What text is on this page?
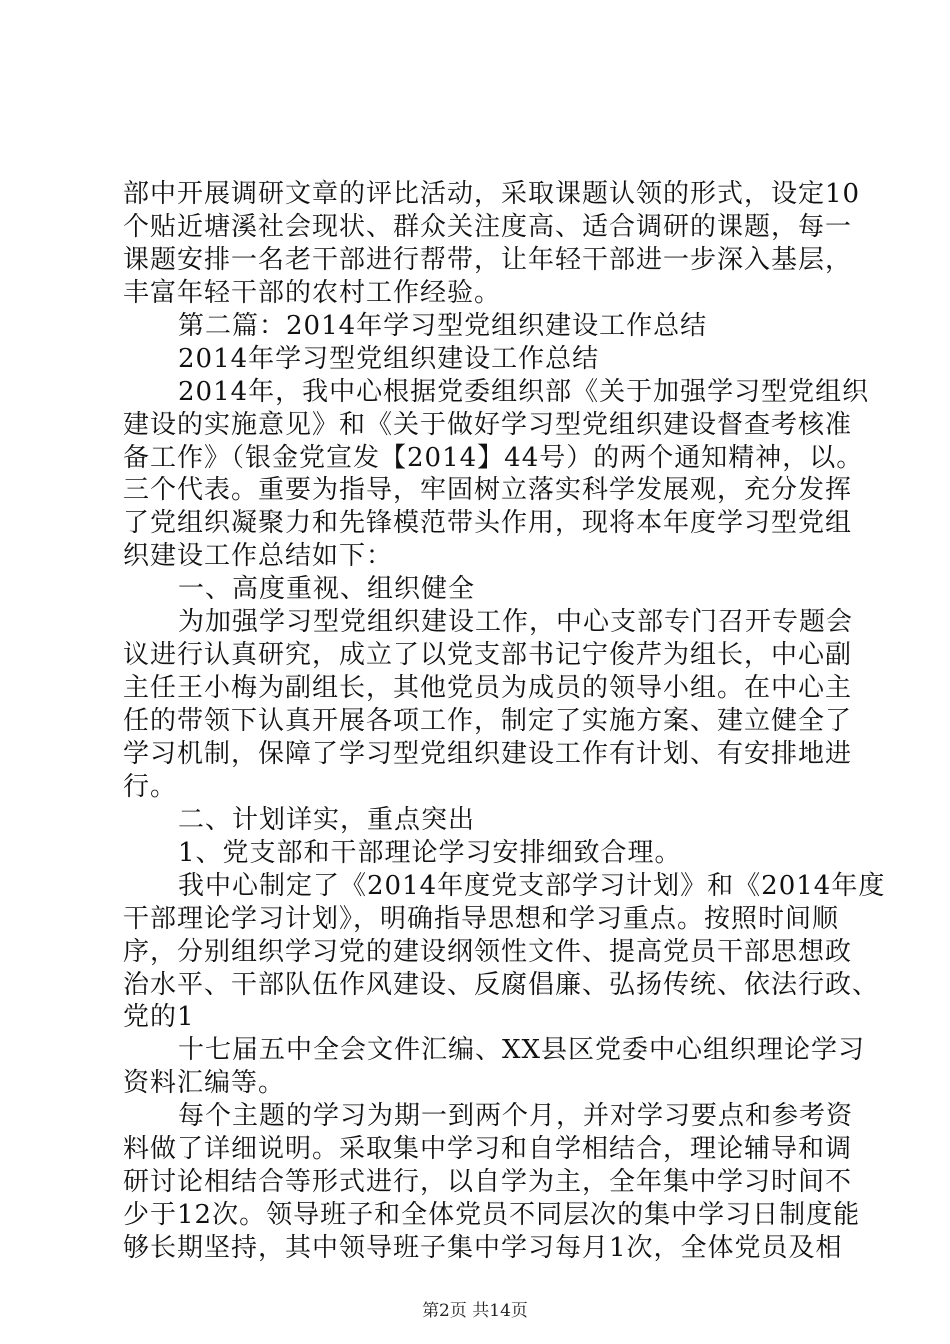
部中开展调研文章的评比活动，采取课题认领的形式，设定10
个贴近塘溪社会现状、群众关注度高、适合调研的课题，每一
课题安排一名老干部进行帮带，让年轻干部进一步深入基层，
丰富年轻干部的农村工作经验。
第二篇：2014年学习型党组织建设工作总结
2014年学习型党组织建设工作总结
2014年，我中心根据党委组织部《关于加强学习型党组织
建设的实施意见》和《关于做好学习型党组织建设督查考核准
备工作》（银金党宣发【2014】44号）的两个通知精神，以。
三个代表。重要为指导，牢固树立落实科学发展观，充分发挥
了党组织凝聚力和先锋模范带头作用，现将本年度学习型党组
织建设工作总结如下：
一、高度重视、组织健全
为加强学习型党组织建设工作，中心支部专门召开专题会
议进行认真研究，成立了以党支部书记宁俊芹为组长，中心副
主任王小梅为副组长，其他党员为成员的领导小组。在中心主
任的带领下认真开展各项工作，制定了实施方案、建立健全了
学习机制，保障了学习型党组织建设工作有计划、有安排地进
行。
二、计划详实，重点突出
1、党支部和干部理论学习安排细致合理。
我中心制定了《2014年度党支部学习计划》和《2014年度
干部理论学习计划》，明确指导思想和学习重点。按照时间顺
序，分别组织学习党的建设纲领性文件、提高党员干部思想政
治水平、干部队伍作风建设、反腐倡廉、弘扬传统、依法行政、
党的1
十七届五中全会文件汇编、XX县区党委中心组织理论学习
资料汇编等。
每个主题的学习为期一到两个月，并对学习要点和参考资
料做了详细说明。采取集中学习和自学相结合，理论辅导和调
研讨论相结合等形式进行，以自学为主，全年集中学习时间不
少于12次。领导班子和全体党员不同层次的集中学习日制度能
够长期坚持，其中领导班子集中学习每月1次，全体党员及相
第2页 共14页
